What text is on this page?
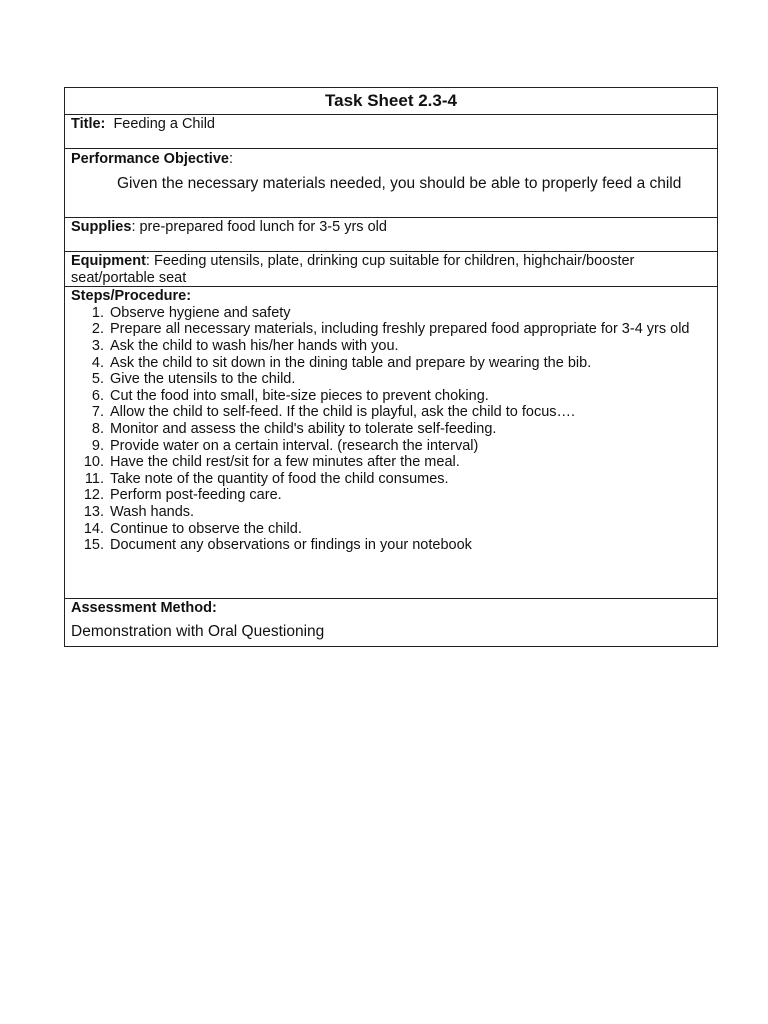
Task Sheet 2.3-4
Title: Feeding a Child

Performance Objective:
Given the necessary materials needed, you should be able to properly feed a child

Supplies: pre-prepared food lunch for 3-5 yrs old
Equipment: Feeding utensils, plate, drinking cup suitable for children, highchair/booster seat/portable seat

Steps/Procedure:
1. Observe hygiene and safety
2. Prepare all necessary materials, including freshly prepared food appropriate for 3-4 yrs old
3. Ask the child to wash his/her hands with you.
4. Ask the child to sit down in the dining table and prepare by wearing the bib.
5. Give the utensils to the child.
6. Cut the food into small, bite-size pieces to prevent choking.
7. Allow the child to self-feed. If the child is playful, ask the child to focus….
8. Monitor and assess the child's ability to tolerate self-feeding.
9. Provide water on a certain interval. (research the interval)
10. Have the child rest/sit for a few minutes after the meal.
11. Take note of the quantity of food the child consumes.
12. Perform post-feeding care.
13. Wash hands.
14. Continue to observe the child.
15. Document any observations or findings in your notebook

Assessment Method:
Demonstration with Oral Questioning
